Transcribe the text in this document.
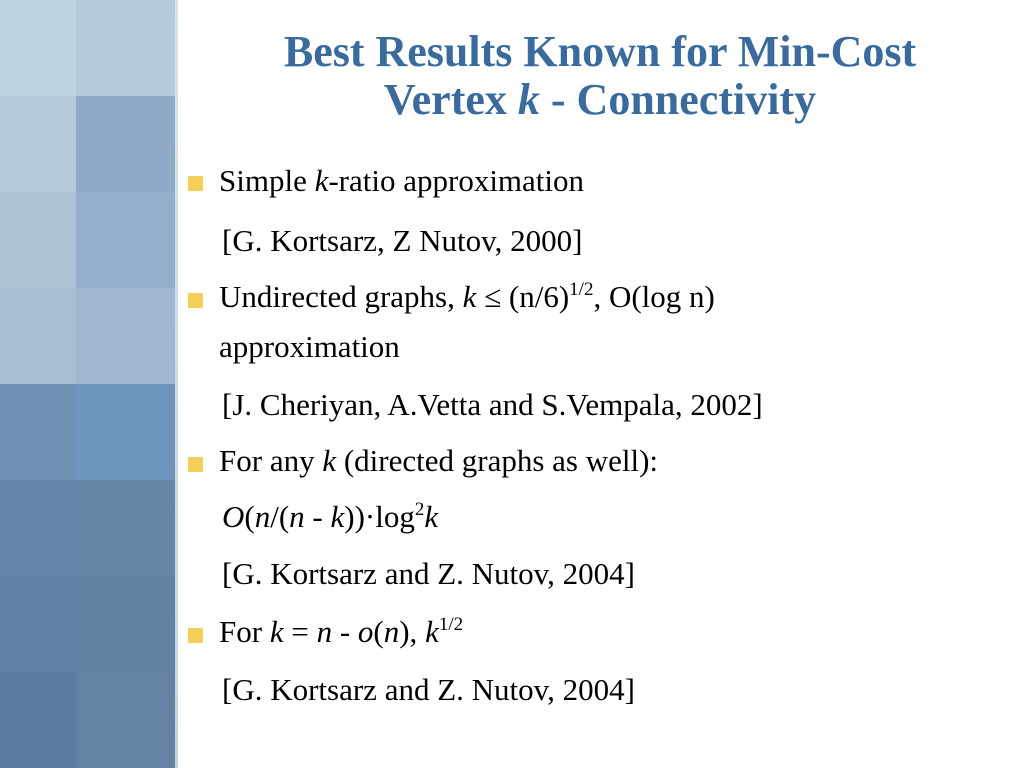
Best Results Known for Min-Cost
Vertex k - Connectivity
Simple k-ratio approximation
[G. Kortsarz, Z Nutov, 2000]
Undirected graphs, $k \le (n/6)^{1/2}$, O(log n)
approximation
[J. Cheriyan, A.Vetta and S.Vempala, 2002]
For any k (directed graphs as well):
$O(n/(n - k))\cdot\log^2k$
[G. Kortsarz and Z. Nutov, 2004]
For k = n - o(n), $k^{1/2}$
[G. Kortsarz and Z. Nutov, 2004]
